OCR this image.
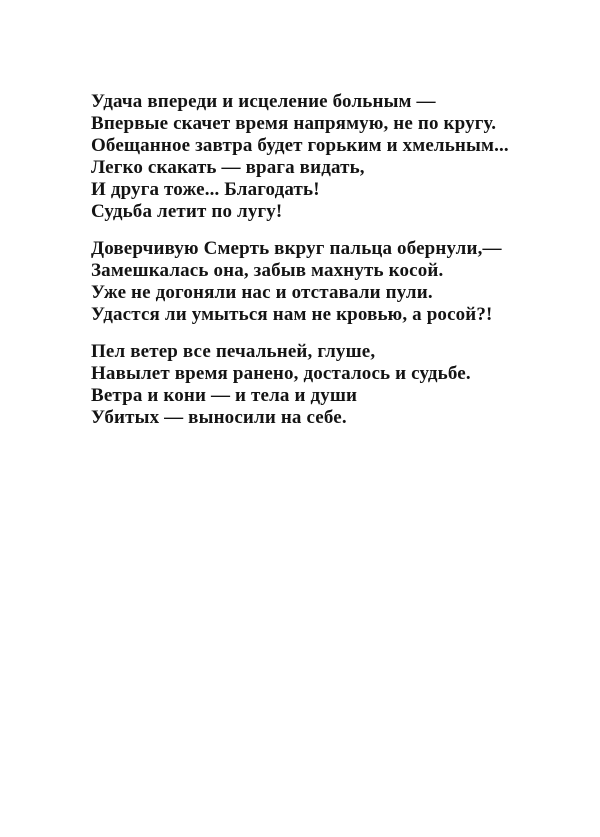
Удача впереди и исцеление больным —
Впервые скачет время напрямую, не по кругу.
Обещанное завтра будет горьким и хмельным...
Легко скакать — врага видать,
И друга тоже... Благодать!
Судьба летит по лугу!

Доверчивую Смерть вкруг пальца обернули,—
Замешкалась она, забыв махнуть косой.
Уже не догоняли нас и отставали пули.
Удастся ли умыться нам не кровью, а росой?!

Пел ветер все печальней, глуше,
Навылет время ранено, досталось и судьбе.
Ветра и кони — и тела и души
Убитых — выносили на себе.
